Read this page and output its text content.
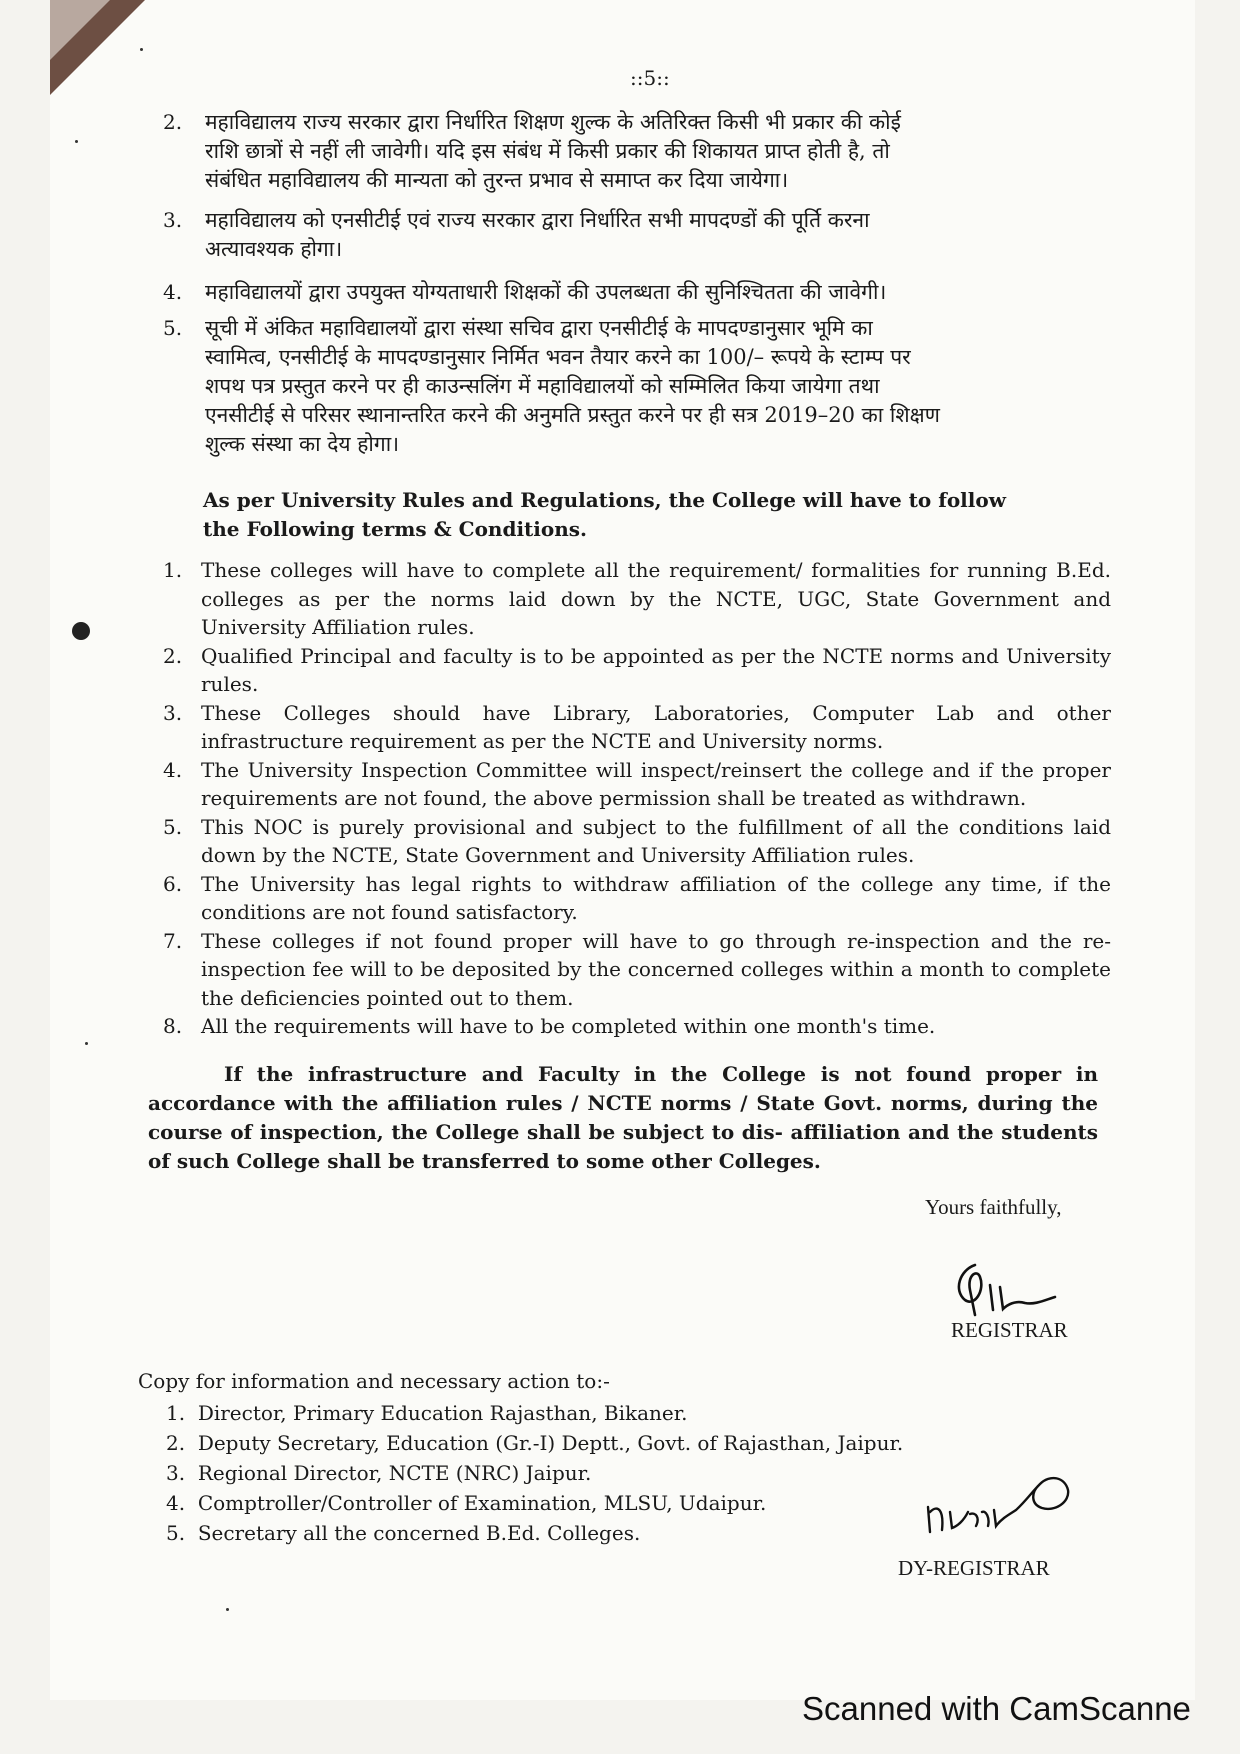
::5::
2. महाविद्यालय राज्य सरकार द्वारा निर्धारित शिक्षण शुल्क के अतिरिक्त किसी भी प्रकार की कोई
राशि छात्रों से नहीं ली जावेगी। यदि इस संबंध में किसी प्रकार की शिकायत प्राप्त होती है, तो
संबंधित महाविद्यालय की मान्यता को तुरन्त प्रभाव से समाप्त कर दिया जायेगा।
3. महाविद्यालय को एनसीटीई एवं राज्य सरकार द्वारा निर्धारित सभी मापदण्डों की पूर्ति करना
अत्यावश्यक होगा।
4. महाविद्यालयों द्वारा उपयुक्त योग्यताधारी शिक्षकों की उपलब्धता की सुनिश्चितता की जावेगी।
5. सूची में अंकित महाविद्यालयों द्वारा संस्था सचिव द्वारा एनसीटीई के मापदण्डानुसार भूमि का
स्वामित्व, एनसीटीई के मापदण्डानुसार निर्मित भवन तैयार करने का 100/– रूपये के स्टाम्प पर
शपथ पत्र प्रस्तुत करने पर ही काउन्सलिंग में महाविद्यालयों को सम्मिलित किया जायेगा तथा
एनसीटीई से परिसर स्थानान्तरित करने की अनुमति प्रस्तुत करने पर ही सत्र 2019–20 का शिक्षण
शुल्क संस्था का देय होगा।
As per University Rules and Regulations, the College will have to follow the Following terms & Conditions.
1. These colleges will have to complete all the requirement/ formalities for running B.Ed. colleges as per the norms laid down by the NCTE, UGC, State Government and University Affiliation rules.
2. Qualified Principal and faculty is to be appointed as per the NCTE norms and University rules.
3. These Colleges should have Library, Laboratories, Computer Lab and other infrastructure requirement as per the NCTE and University norms.
4. The University Inspection Committee will inspect/reinsert the college and if the proper requirements are not found, the above permission shall be treated as withdrawn.
5. This NOC is purely provisional and subject to the fulfillment of all the conditions laid down by the NCTE, State Government and University Affiliation rules.
6. The University has legal rights to withdraw affiliation of the college any time, if the conditions are not found satisfactory.
7. These colleges if not found proper will have to go through re-inspection and the re-inspection fee will to be deposited by the concerned colleges within a month to complete the deficiencies pointed out to them.
8. All the requirements will have to be completed within one month's time.
If the infrastructure and Faculty in the College is not found proper in accordance with the affiliation rules / NCTE norms / State Govt. norms, during the course of inspection, the College shall be subject to dis- affiliation and the students of such College shall be transferred to some other Colleges.
Yours faithfully,
REGISTRAR
Copy for information and necessary action to:-
1. Director, Primary Education Rajasthan, Bikaner.
2. Deputy Secretary, Education (Gr.-I) Deptt., Govt. of Rajasthan, Jaipur.
3. Regional Director, NCTE (NRC) Jaipur.
4. Comptroller/Controller of Examination, MLSU, Udaipur.
5. Secretary all the concerned B.Ed. Colleges.
DY-REGISTRAR
Scanned with CamScanne
